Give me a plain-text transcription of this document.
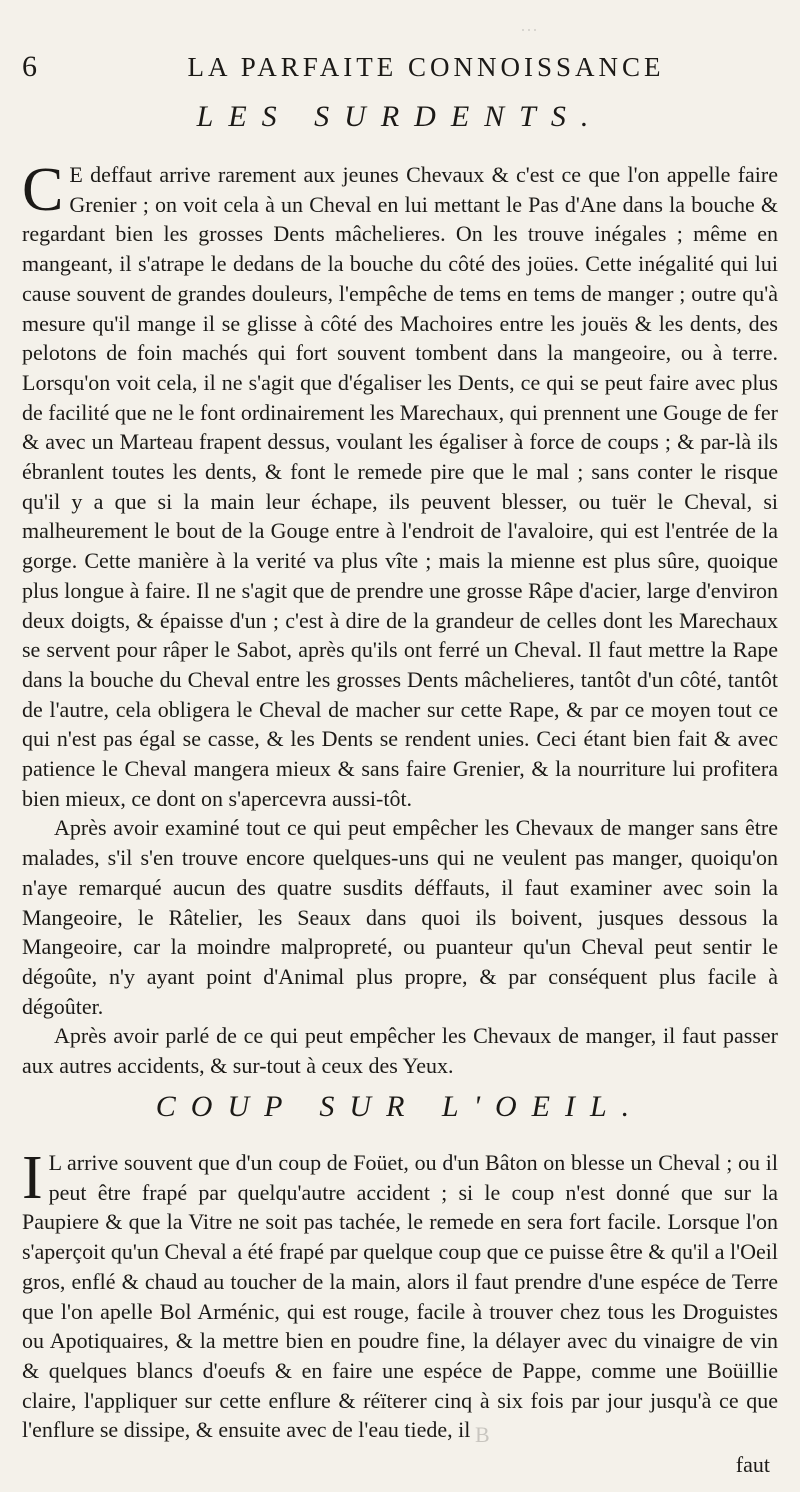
⋯
6	LA PARFAITE CONNOISSANCE
LES SURDENTS.

C E deffaut arrive rarement aux jeunes Chevaux & c'est ce que l'on appelle faire Grenier ; on voit cela à un Cheval en lui mettant le Pas d'Ane dans la bouche & regardant bien les grosses Dents mâchelieres. On les trouve inégales ; même en mangeant, il s'atrape le dedans de la bouche du côté des joües. Cette inégalité qui lui cause souvent de grandes douleurs, l'empêche de tems en tems de manger ; outre qu'à mesure qu'il mange il se glisse à côté des Machoires entre les jouës & les dents, des pelotons de foin machés qui fort souvent tombent dans la mangeoire, ou à terre. Lorsqu'on voit cela, il ne s'agit que d'égaliser les Dents, ce qui se peut faire avec plus de facilité que ne le font ordinairement les Marechaux, qui prennent une Gouge de fer & avec un Marteau frapent dessus, voulant les égaliser à force de coups ; & par-là ils ébranlent toutes les dents, & font le remede pire que le mal ; sans conter le risque qu'il y a que si la main leur échape, ils peuvent blesser, ou tuër le Cheval, si malheurement le bout de la Gouge entre à l'endroit de l'avaloire, qui est l'entrée de la gorge. Cette manière à la verité va plus vîte ; mais la mienne est plus sûre, quoique plus longue à faire. Il ne s'agit que de prendre une grosse Râpe d'acier, large d'environ deux doigts, & épaisse d'un ; c'est à dire de la grandeur de celles dont les Marechaux se servent pour râper le Sabot, après qu'ils ont ferré un Cheval. Il faut mettre la Rape dans la bouche du Cheval entre les grosses Dents mâchelieres, tantôt d'un côté, tantôt de l'autre, cela obligera le Cheval de macher sur cette Rape, & par ce moyen tout ce qui n'est pas égal se casse, & les Dents se rendent unies. Ceci étant bien fait & avec patience le Cheval mangera mieux & sans faire Grenier, & la nourriture lui profitera bien mieux, ce dont on s'apercevra aussi-tôt.

Après avoir examiné tout ce qui peut empêcher les Chevaux de manger sans être malades, s'il s'en trouve encore quelques-uns qui ne veulent pas manger, quoiqu'on n'aye remarqué aucun des quatre susdits déffauts, il faut examiner avec soin la Mangeoire, le Râtelier, les Seaux dans quoi ils boivent, jusques dessous la Mangeoire, car la moindre malpropreté, ou puanteur qu'un Cheval peut sentir le dégoûte, n'y ayant point d'Animal plus propre, & par conséquent plus facile à dégoûter.

Après avoir parlé de ce qui peut empêcher les Chevaux de manger, il faut passer aux autres accidents, & sur-tout à ceux des Yeux.

COUP SUR L'OEIL.

I L arrive souvent que d'un coup de Foüet, ou d'un Bâton on blesse un Cheval ; ou il peut être frapé par quelqu'autre accident ; si le coup n'est donné que sur la Paupiere & que la Vitre ne soit pas tachée, le remede en sera fort facile. Lorsque l'on s'aperçoit qu'un Cheval a été frapé par quelque coup que ce puisse être & qu'il a l'Oeil gros, enflé & chaud au toucher de la main, alors il faut prendre d'une espéce de Terre que l'on apelle Bol Arménic, qui est rouge, facile à trouver chez tous les Droguistes ou Apotiquaires, & la mettre bien en poudre fine, la délayer avec du vinaigre de vin & quelques blancs d'oeufs & en faire une espéce de Pappe, comme une Boüillie claire, l'appliquer sur cette enflure & réïterer cinq à six fois par jour jusqu'à ce que l'enflure se dissipe, & ensuite avec de l'eau tiede, il B
faut
